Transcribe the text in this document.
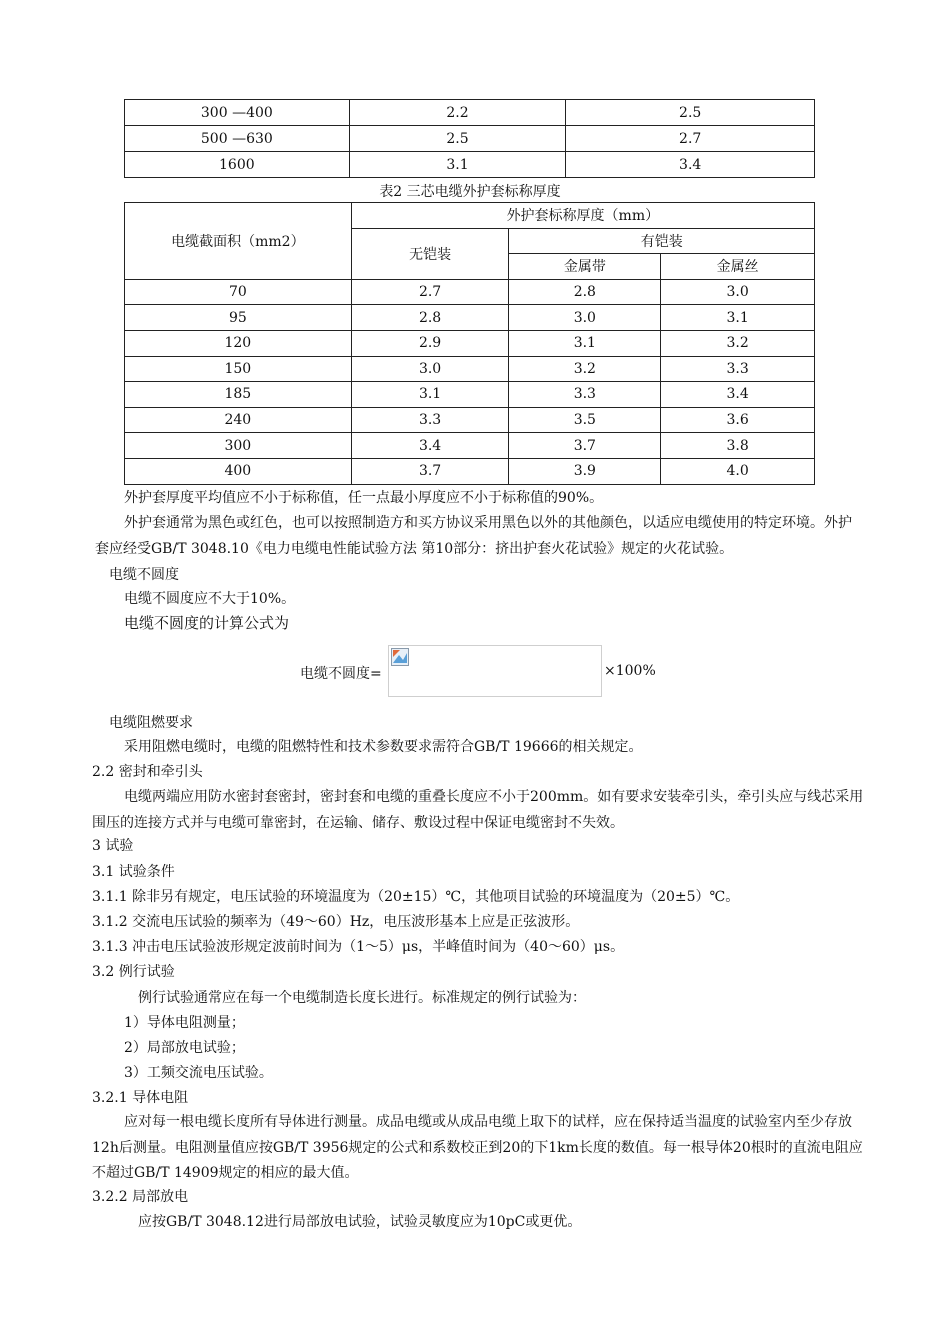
300 —400	2.2	2.5
500 —630	2.5	2.7
1600	3.1	3.4
表2 三芯电缆外护套标称厚度
电缆截面积（mm2）	外护套标称厚度（mm）		
	无铠装	有铠装	
		金属带	金属丝
70	2.7	2.8	3.0
95	2.8	3.0	3.1
120	2.9	3.1	3.2
150	3.0	3.2	3.3
185	3.1	3.3	3.4
240	3.3	3.5	3.6
300	3.4	3.7	3.8
400	3.7	3.9	4.0
外护套厚度平均值应不小于标称值，任一点最小厚度应不小于标称值的90%。
外护套通常为黑色或红色，也可以按照制造方和买方协议采用黑色以外的其他颜色，以适应电缆使用的特定环境。外护套应经受GB/T 3048.10《电力电缆电性能试验方法 第10部分：挤出护套火花试验》规定的火花试验。
电缆不圆度
电缆不圆度应不大于10%。
电缆不圆度的计算公式为
电缆不圆度=	×100%
电缆阻燃要求
采用阻燃电缆时，电缆的阻燃特性和技术参数要求需符合GB/T 19666的相关规定。
2.2 密封和牵引头
电缆两端应用防水密封套密封，密封套和电缆的重叠长度应不小于200mm。如有要求安装牵引头，牵引头应与线芯采用围压的连接方式并与电缆可靠密封，在运输、储存、敷设过程中保证电缆密封不失效。
3 试验
3.1 试验条件
3.1.1 除非另有规定，电压试验的环境温度为（20±15）℃，其他项目试验的环境温度为（20±5）℃。
3.1.2 交流电压试验的频率为（49～60）Hz，电压波形基本上应是正弦波形。
3.1.3 冲击电压试验波形规定波前时间为（1～5）μs，半峰值时间为（40～60）μs。
3.2 例行试验
例行试验通常应在每一个电缆制造长度长进行。标准规定的例行试验为：
1）导体电阻测量；
2）局部放电试验；
3）工频交流电压试验。
3.2.1 导体电阻
应对每一根电缆长度所有导体进行测量。成品电缆或从成品电缆上取下的试样，应在保持适当温度的试验室内至少存放12h后测量。电阻测量值应按GB/T 3956规定的公式和系数校正到20的下1km长度的数值。每一根导体20根时的直流电阻应不超过GB/T 14909规定的相应的最大值。
3.2.2 局部放电
应按GB/T 3048.12进行局部放电试验，试验灵敏度应为10pC或更优。
